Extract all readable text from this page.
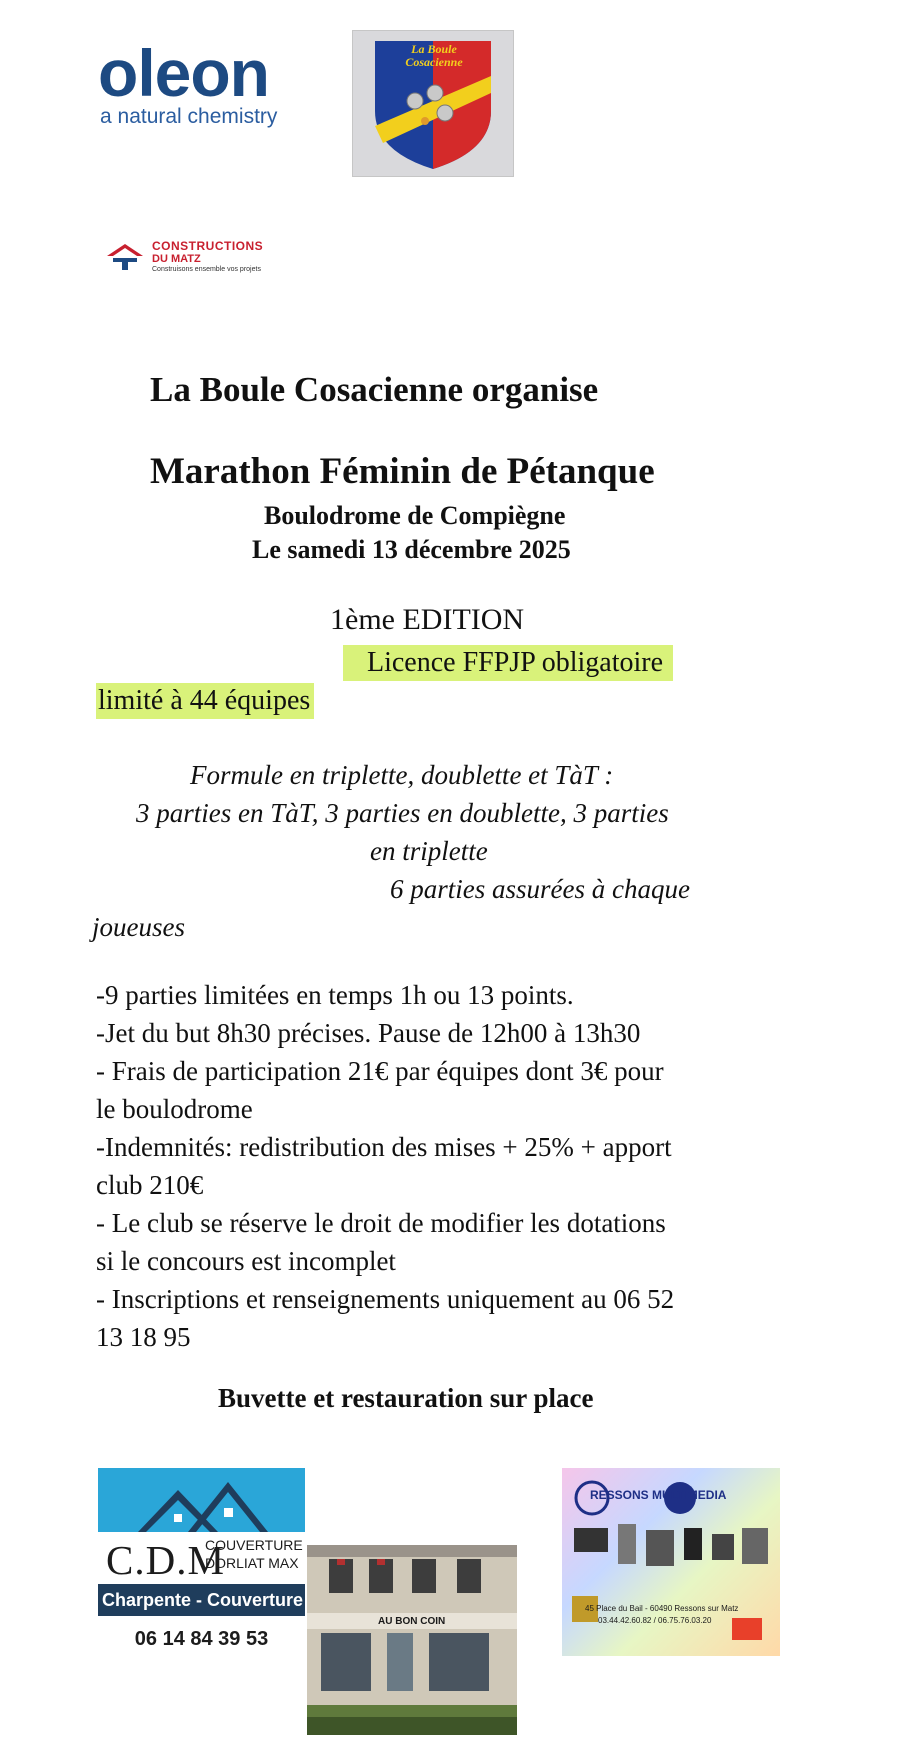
oleon
a natural chemistry
La Boule Cosacienne
CONSTRUCTIONS
DU MATZ
Construisons ensemble vos projets
La Boule Cosacienne organise
Marathon Féminin de Pétanque
Boulodrome de Compiègne
Le samedi 13 décembre 2025
1ème EDITION
Licence FFPJP obligatoire
limité à 44 équipes
Formule en triplette, doublette et TàT :
3 parties en TàT, 3 parties en doublette, 3 parties
en triplette
6 parties assurées à chaque
joueuses
-9 parties limitées en temps 1h ou 13 points.
-Jet du but 8h30 précises. Pause de 12h00 à 13h30
- Frais de participation 21€ par équipes dont 3€ pour
le boulodrome
-Indemnités: redistribution des mises + 25% + apport
club 210€
- Le club se réserve le droit de modifier les dotations
si le concours est incomplet
- Inscriptions et renseignements uniquement au 06 52
13 18 95
Buvette et restauration sur place
C.D.M
COUVERTURE
DORLIAT MAX
Charpente - Couverture
06 14 84 39 53
AU BON COIN
RESSONS MULTIMEDIA
45 Place du Bail - 60490 Ressons sur Matz
03.44.42.60.82 / 06.75.76.03.20
